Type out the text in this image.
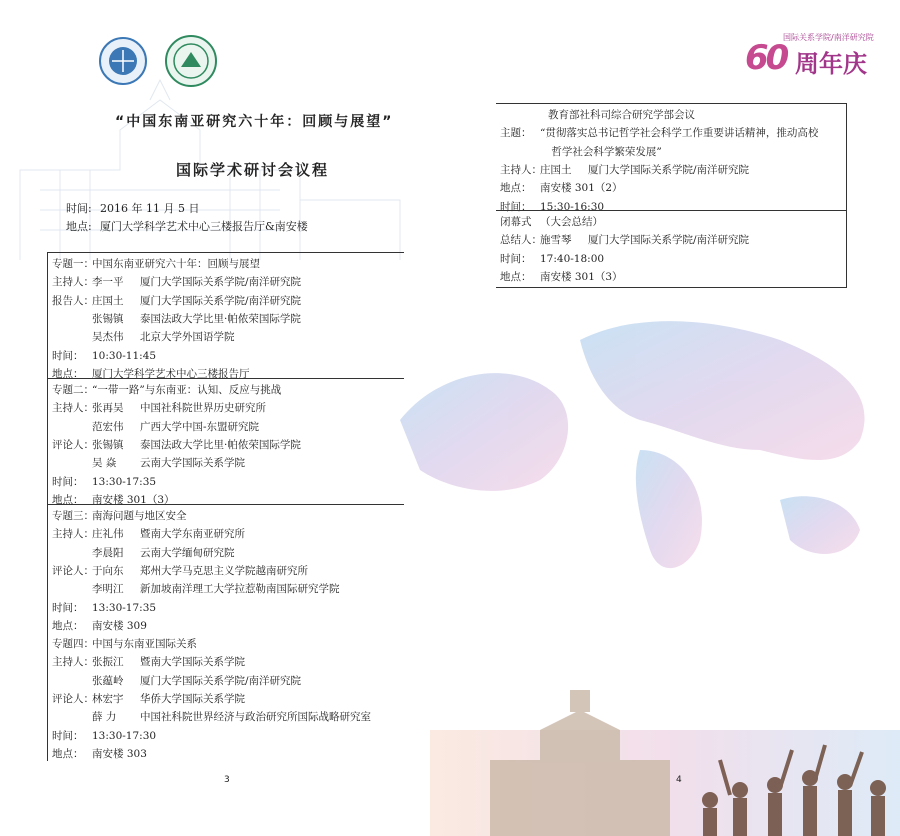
60
国际关系学院/南洋研究院
周年庆
“中国东南亚研究六十年：回顾与展望”
国际学术研讨会议程
时间: 2016 年 11 月 5 日
地点: 厦门大学科学艺术中心三楼报告厅&南安楼
专题一：中国东南亚研究六十年：回顾与展望
主持人：李一平 厦门大学国际关系学院/南洋研究院
报告人：庄国土 厦门大学国际关系学院/南洋研究院
张锡镇 泰国法政大学比里·帕侬荣国际学院
吴杰伟 北京大学外国语学院
时间： 10:30-11:45
地点： 厦门大学科学艺术中心三楼报告厅
专题二：“一带一路”与东南亚：认知、反应与挑战
主持人：张再吴 中国社科院世界历史研究所
范宏伟 广西大学中国-东盟研究院
评论人：张锡镇 泰国法政大学比里·帕侬荣国际学院
吴 焱 云南大学国际关系学院
时间： 13:30-17:35
地点： 南安楼 301（3）
专题三：南海问题与地区安全
主持人：庄礼伟 暨南大学东南亚研究所
李晨阳 云南大学缅甸研究院
评论人：于向东 郑州大学马克思主义学院越南研究所
李明江 新加坡南洋理工大学拉惹勒南国际研究学院
时间： 13:30-17:35
地点： 南安楼 309
专题四：中国与东南亚国际关系
主持人：张振江 暨南大学国际关系学院
张蕴岭 厦门大学国际关系学院/南洋研究院
评论人：林宏宇 华侨大学国际关系学院
薛 力 中国社科院世界经济与政治研究所国际战略研究室
时间： 13:30-17:30
地点： 南安楼 303
教育部社科司综合研究学部会议
主题： “贯彻落实总书记哲学社会科学工作重要讲话精神，推动高校
哲学社会科学繁荣发展”
主持人：庄国土 厦门大学国际关系学院/南洋研究院
地点： 南安楼 301（2）
时间： 15:30-16:30
闭幕式 （大会总结）
总结人：施雪琴 厦门大学国际关系学院/南洋研究院
时间： 17:40-18:00
地点： 南安楼 301（3）
3	4
